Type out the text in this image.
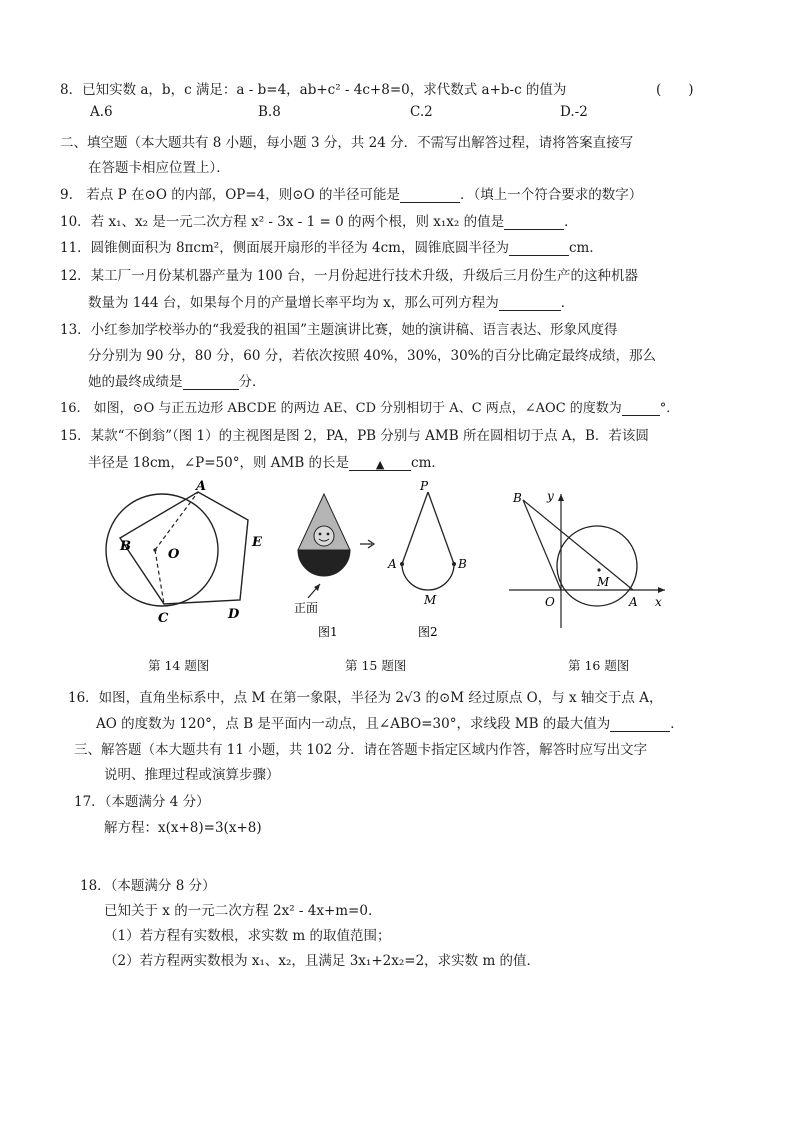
8．已知实数 a，b，c 满足：a - b=4，ab+c² - 4c+8=0，求代数式 a+b-c 的值为	(　　)
A.6	B.8	C.2	D.-2
二、填空题（本大题共有 8 小题，每小题 3 分，共 24 分．不需写出解答过程，请将答案直接写
在答题卡相应位置上）．
9.　若点 P 在⊙O 的内部，OP=4，则⊙O 的半径可能是	．（填上一个符合要求的数字）
10．若 x₁、x₂ 是一元二次方程 x² - 3x - 1 = 0 的两个根，则 x₁x₂ 的值是	．
11．圆锥侧面积为 8πcm²，侧面展开扇形的半径为 4cm，圆锥底圆半径为	cm．
12．某工厂一月份某机器产量为 100 台，一月份起进行技术升级，升级后三月份生产的这种机器
数量为 144 台，如果每个月的产量增长率平均为 x，那么可列方程为	．
13．小红参加学校举办的“我爱我的祖国”主题演讲比赛，她的演讲稿、语言表达、形象风度得
分分别为 90 分，80 分，60 分，若依次按照 40%，30%，30%的百分比确定最终成绩，那么
她的最终成绩是	分．
16.　如图，⊙O 与正五边形 ABCDE 的两边 AE、CD 分别相切于 A、C 两点，∠AOC 的度数为	°．
15．某款“不倒翁”（图 1）的主视图是图 2，PA，PB 分别与 AMB 所在圆相切于点 A，B．若该圆
半径是 18cm，∠P=50°，则 AMB 的长是 ▲ cm．
A
B
O
E
C	D
P
A	B
M
正面
图1	图2
B y
M
O	A x
第 14 题图	第 15 题图	第 16 题图
16．如图，直角坐标系中，点 M 在第一象限，半径为 2√3 的⊙M 经过原点 O，与 x 轴交于点 A，
AO 的度数为 120°，点 B 是平面内一动点，且∠ABO=30°，求线段 MB 的最大值为	．
三、解答题（本大题共有 11 小题，共 102 分．请在答题卡指定区域内作答，解答时应写出文字
说明、推理过程或演算步骤）
17．（本题满分 4 分）
解方程：x(x+8)=3(x+8)
18．（本题满分 8 分）
已知关于 x 的一元二次方程 2x² - 4x+m=0.
（1）若方程有实数根，求实数 m 的取值范围；
（2）若方程两实数根为 x₁、x₂，且满足 3x₁+2x₂=2，求实数 m 的值．
